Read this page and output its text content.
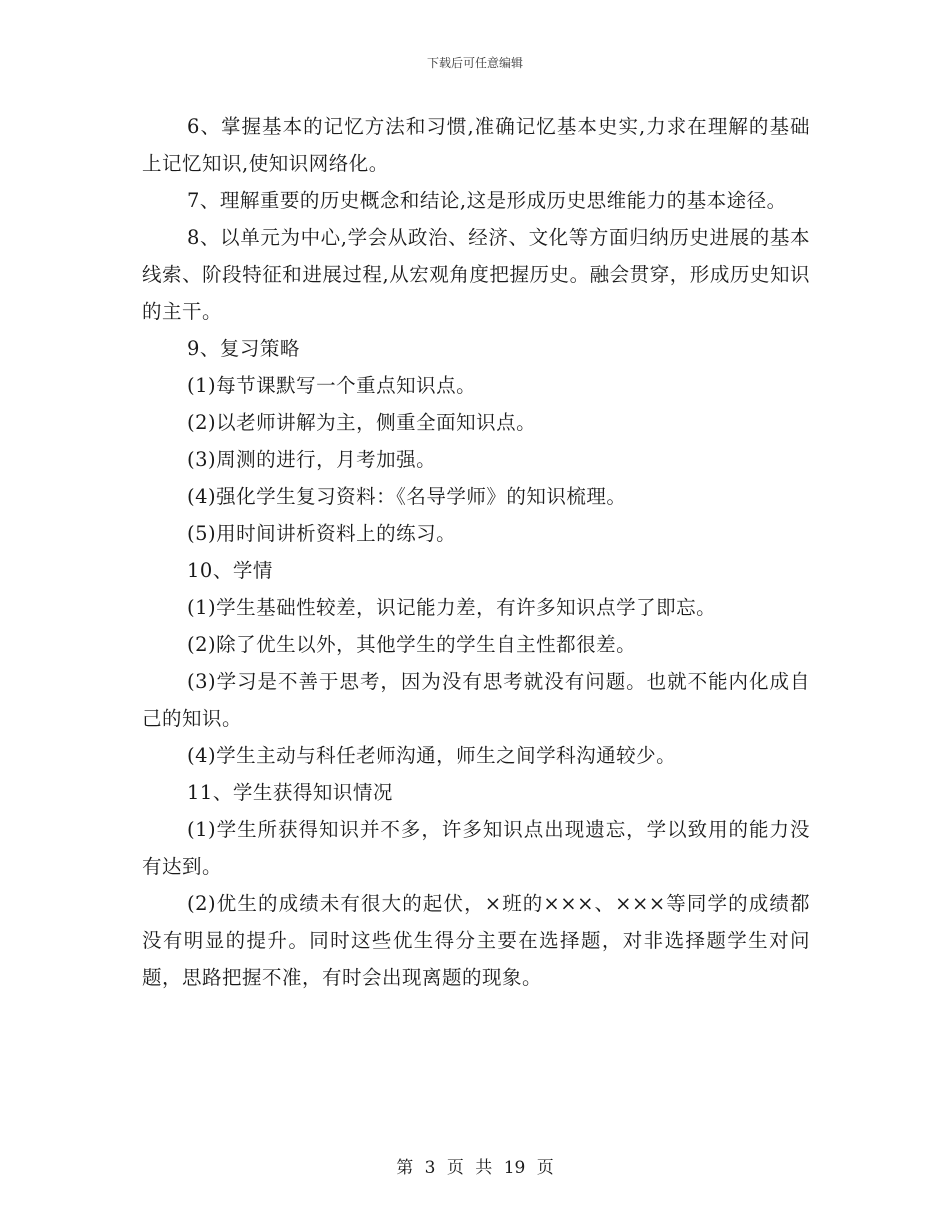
下载后可任意编辑

6、掌握基本的记忆方法和习惯,准确记忆基本史实,力求在理解的基础上记忆知识,使知识网络化。

7、理解重要的历史概念和结论,这是形成历史思维能力的基本途径。

8、以单元为中心,学会从政治、经济、文化等方面归纳历史进展的基本线索、阶段特征和进展过程,从宏观角度把握历史。融会贯穿，形成历史知识的主干。

9、复习策略

(1)每节课默写一个重点知识点。

(2)以老师讲解为主，侧重全面知识点。

(3)周测的进行，月考加强。

(4)强化学生复习资料：《名导学师》的知识梳理。

(5)用时间讲析资料上的练习。

10、学情

(1)学生基础性较差，识记能力差，有许多知识点学了即忘。

(2)除了优生以外，其他学生的学生自主性都很差。

(3)学习是不善于思考，因为没有思考就没有问题。也就不能内化成自己的知识。

(4)学生主动与科任老师沟通，师生之间学科沟通较少。

11、学生获得知识情况

(1)学生所获得知识并不多，许多知识点出现遗忘，学以致用的能力没有达到。

(2)优生的成绩未有很大的起伏，×班的×××、×××等同学的成绩都没有明显的提升。同时这些优生得分主要在选择题，对非选择题学生对问题，思路把握不准，有时会出现离题的现象。

第 3 页 共 19 页
